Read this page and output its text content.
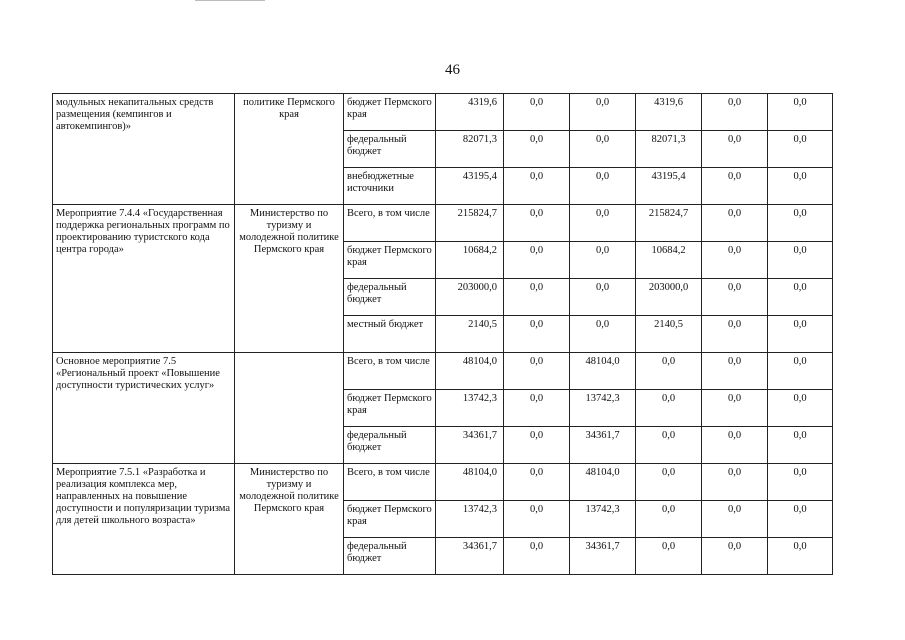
46
модульных некапитальных средств размещения (кемпингов и автокемпингов)»	политике Пермского края	бюджет Пермского края	4319,6	0,0	0,0	4319,6	0,0	0,0
		федеральный бюджет	82071,3	0,0	0,0	82071,3	0,0	0,0
		внебюджетные источники	43195,4	0,0	0,0	43195,4	0,0	0,0
Мероприятие 7.4.4 «Государственная поддержка региональных программ по проектированию туристского кода центра города»	Министерство по туризму и молодежной политике Пермского края	Всего, в том числе	215824,7	0,0	0,0	215824,7	0,0	0,0
		бюджет Пермского края	10684,2	0,0	0,0	10684,2	0,0	0,0
		федеральный бюджет	203000,0	0,0	0,0	203000,0	0,0	0,0
		местный бюджет	2140,5	0,0	0,0	2140,5	0,0	0,0
Основное мероприятие 7.5 «Региональный проект «Повышение доступности туристических услуг»		Всего, в том числе	48104,0	0,0	48104,0	0,0	0,0	0,0
		бюджет Пермского края	13742,3	0,0	13742,3	0,0	0,0	0,0
		федеральный бюджет	34361,7	0,0	34361,7	0,0	0,0	0,0
Мероприятие 7.5.1 «Разработка и реализация комплекса мер, направленных на повышение доступности и популяризации туризма для детей школьного возраста»	Министерство по туризму и молодежной политике Пермского края	Всего, в том числе	48104,0	0,0	48104,0	0,0	0,0	0,0
		бюджет Пермского края	13742,3	0,0	13742,3	0,0	0,0	0,0
		федеральный бюджет	34361,7	0,0	34361,7	0,0	0,0	0,0
